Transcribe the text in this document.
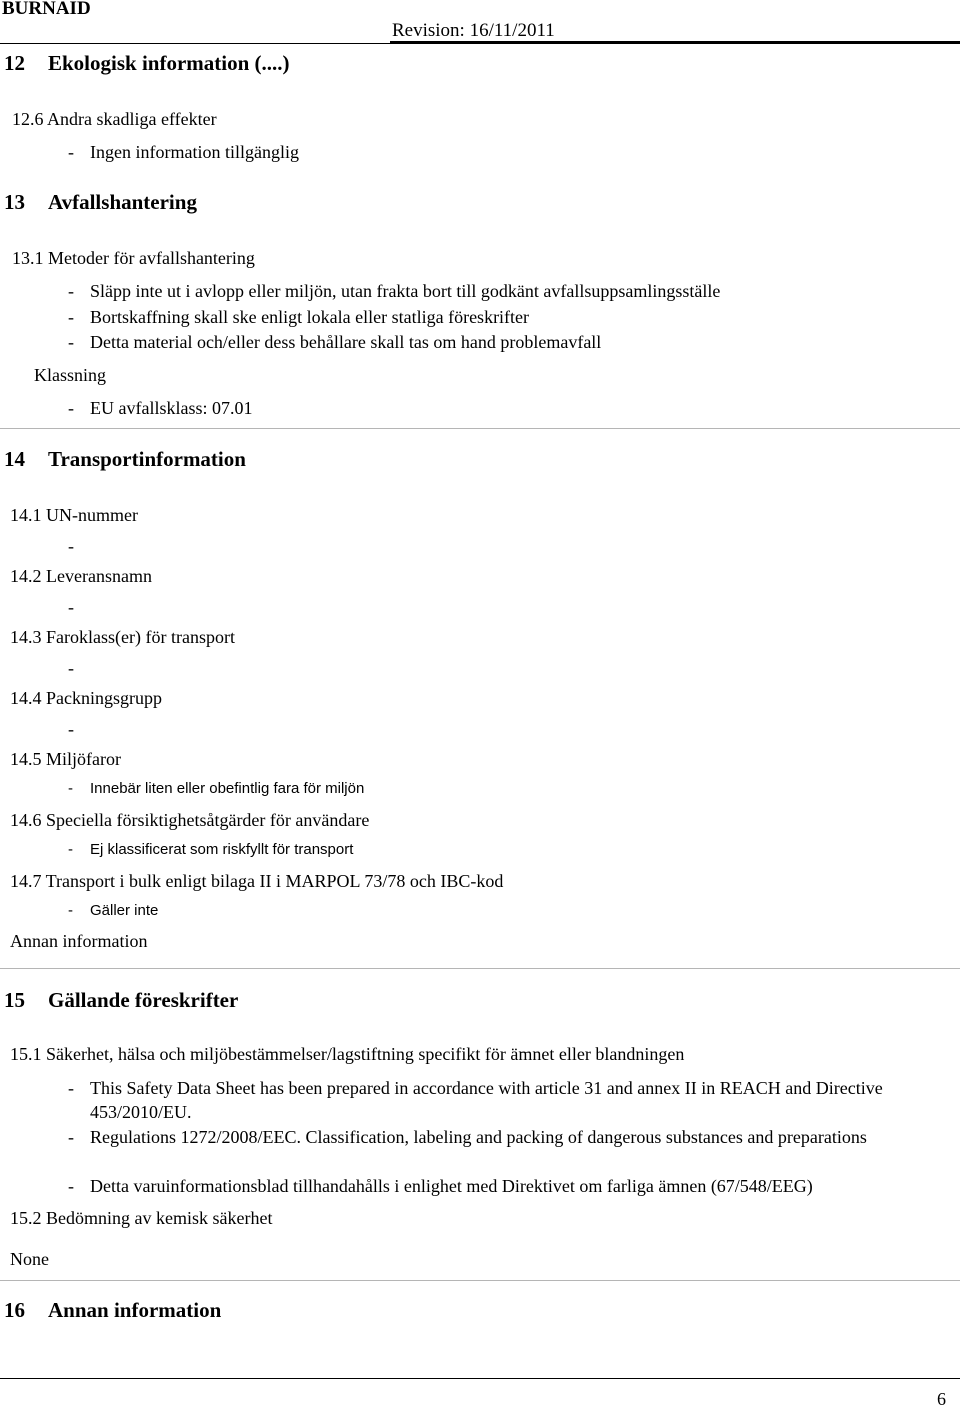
BURNAID
Revision: 16/11/2011
12 Ekologisk information (....)
12.6 Andra skadliga effekter
- Ingen information tillgänglig
13 Avfallshantering
13.1 Metoder för avfallshantering
- Släpp inte ut i avlopp eller miljön, utan frakta bort till godkänt avfallsuppsamlingsställe
- Bortskaffning skall ske enligt lokala eller statliga föreskrifter
- Detta material och/eller dess behållare skall tas om hand problemavfall
Klassning
- EU avfallsklass: 07.01
14 Transportinformation
14.1 UN-nummer
-
14.2 Leveransnamn
-
14.3 Faroklass(er) för transport
-
14.4 Packningsgrupp
-
14.5 Miljöfaror
- Innebär liten eller obefintlig fara för miljön
14.6 Speciella försiktighetsåtgärder för användare
- Ej klassificerat som riskfyllt för transport
14.7 Transport i bulk enligt bilaga II i MARPOL 73/78 och IBC-kod
- Gäller inte
Annan information
15 Gällande föreskrifter
15.1 Säkerhet, hälsa och miljöbestämmelser/lagstiftning specifikt för ämnet eller blandningen
- This Safety Data Sheet has been prepared in accordance with article 31 and annex II in REACH and Directive 453/2010/EU.
- Regulations 1272/2008/EEC. Classification, labeling and packing of dangerous substances and preparations
- Detta varuinformationsblad tillhandahålls i enlighet med Direktivet om farliga ämnen (67/548/EEG)
15.2 Bedömning av kemisk säkerhet
None
16 Annan information
6
